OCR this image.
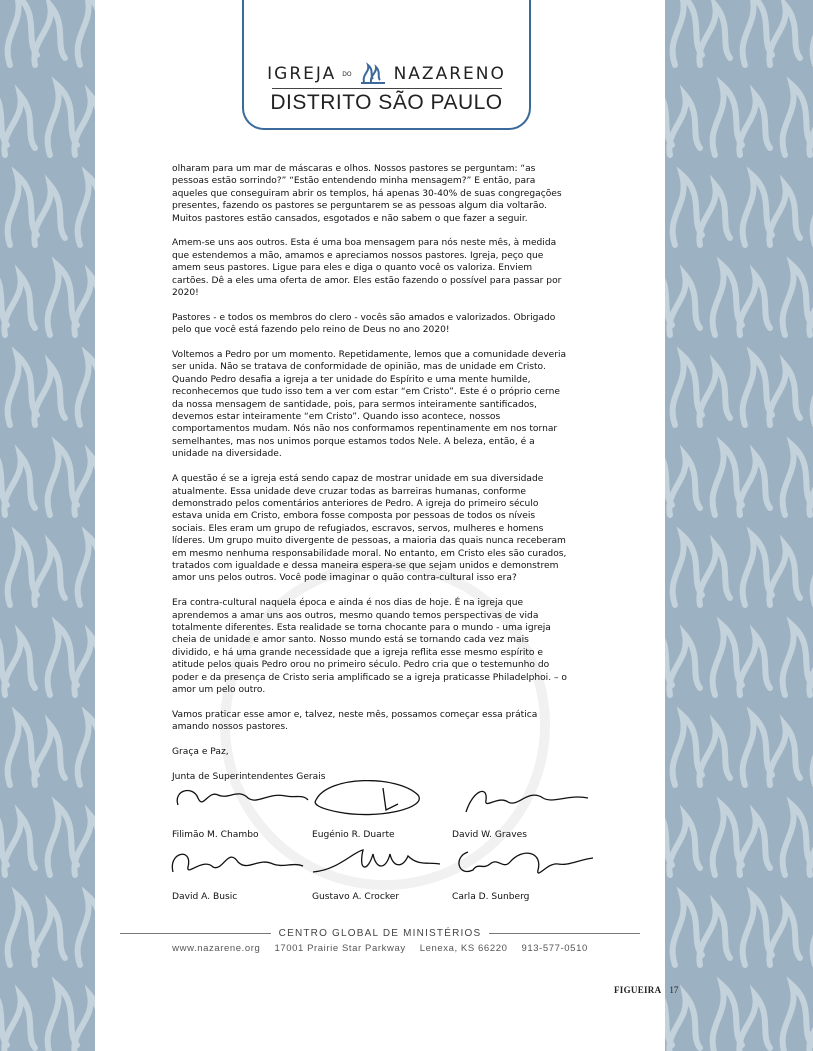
IGREJA DO NAZARENO
DISTRITO SÃO PAULO

olharam para um mar de máscaras e olhos. Nossos pastores se perguntam: “as pessoas estão sorrindo?” “Estão entendendo minha mensagem?” E então, para aqueles que conseguiram abrir os templos, há apenas 30-40% de suas congregações presentes, fazendo os pastores se perguntarem se as pessoas algum dia voltarão. Muitos pastores estão cansados, esgotados e não sabem o que fazer a seguir.

Amem-se uns aos outros. Esta é uma boa mensagem para nós neste mês, à medida que estendemos a mão, amamos e apreciamos nossos pastores. Igreja, peço que amem seus pastores. Ligue para eles e diga o quanto você os valoriza. Enviem cartões. Dê a eles uma oferta de amor. Eles estão fazendo o possível para passar por 2020!

Pastores - e todos os membros do clero - vocês são amados e valorizados. Obrigado pelo que você está fazendo pelo reino de Deus no ano 2020!

Voltemos a Pedro por um momento. Repetidamente, lemos que a comunidade deveria ser unida. Não se tratava de conformidade de opinião, mas de unidade em Cristo. Quando Pedro desafia a igreja a ter unidade do Espírito e uma mente humilde, reconhecemos que tudo isso tem a ver com estar “em Cristo”. Este é o próprio cerne da nossa mensagem de santidade, pois, para sermos inteiramente santificados, devemos estar inteiramente “em Cristo”. Quando isso acontece, nossos comportamentos mudam. Nós não nos conformamos repentinamente em nos tornar semelhantes, mas nos unimos porque estamos todos Nele. A beleza, então, é a unidade na diversidade.

A questão é se a igreja está sendo capaz de mostrar unidade em sua diversidade atualmente. Essa unidade deve cruzar todas as barreiras humanas, conforme demonstrado pelos comentários anteriores de Pedro. A igreja do primeiro século estava unida em Cristo, embora fosse composta por pessoas de todos os níveis sociais. Eles eram um grupo de refugiados, escravos, servos, mulheres e homens líderes. Um grupo muito divergente de pessoas, a maioria das quais nunca receberam em mesmo nenhuma responsabilidade moral. No entanto, em Cristo eles são curados, tratados com igualdade e dessa maneira espera-se que sejam unidos e demonstrem amor uns pelos outros. Você pode imaginar o quão contra-cultural isso era?

Era contra-cultural naquela época e ainda é nos dias de hoje. É na igreja que aprendemos a amar uns aos outros, mesmo quando temos perspectivas de vida totalmente diferentes. Esta realidade se torna chocante para o mundo - uma igreja cheia de unidade e amor santo. Nosso mundo está se tornando cada vez mais dividido, e há uma grande necessidade que a igreja reflita esse mesmo espírito e atitude pelos quais Pedro orou no primeiro século. Pedro cria que o testemunho do poder e da presença de Cristo seria amplificado se a igreja praticasse Philadelphoi. – o amor um pelo outro.

Vamos praticar esse amor e, talvez, neste mês, possamos começar essa prática amando nossos pastores.

Graça e Paz,

Junta de Superintendentes Gerais

Filimão M. Chambo	Eugénio R. Duarte	David W. Graves
David A. Busic	Gustavo A. Crocker	Carla D. Sunberg
CENTRO GLOBAL DE MINISTÉRIOS
www.nazarene.org 17001 Prairie Star Parkway Lenexa, KS 66220 913-577-0510
FIGUEIRA 17
